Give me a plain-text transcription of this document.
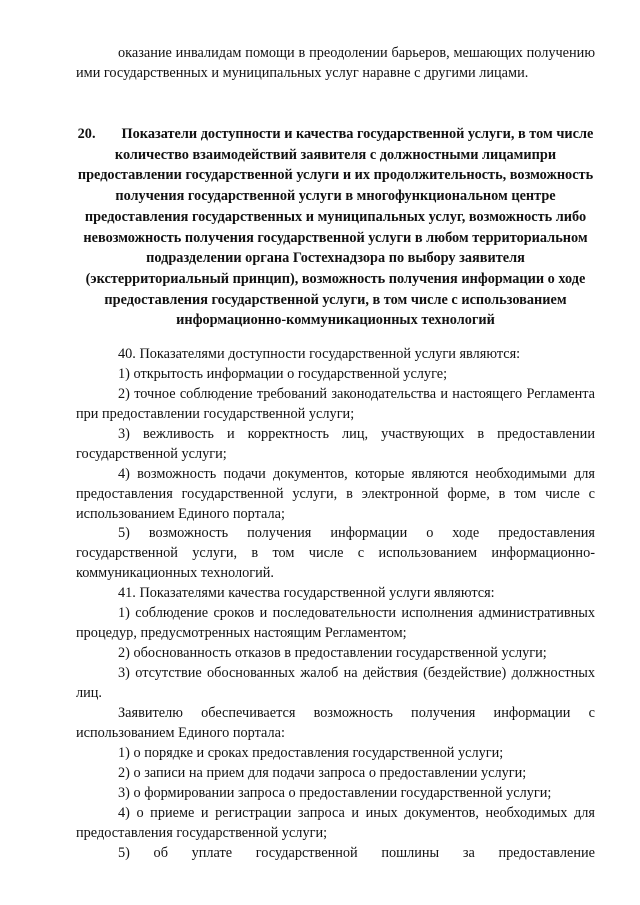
оказание инвалидам помощи в преодолении барьеров, мешающих получению ими государственных и муниципальных услуг наравне с другими лицами.

20. Показатели доступности и качества государственной услуги, в том числе количество взаимодействий заявителя с должностными лицамипри предоставлении государственной услуги и их продолжительность, возможность получения государственной услуги в многофункциональном центре предоставления государственных и муниципальных услуг, возможность либо невозможность получения государственной услуги в любом территориальном подразделении органа Гостехнадзора по выбору заявителя (экстерриториальный принцип), возможность получения информации о ходе предоставления государственной услуги, в том числе с использованием информационно-коммуникационных технологий

40. Показателями доступности государственной услуги являются:

1) открытость информации о государственной услуге;

2) точное соблюдение требований законодательства и настоящего Регламента при предоставлении государственной услуги;

3) вежливость и корректность лиц, участвующих в предоставлении государственной услуги;

4) возможность подачи документов, которые являются необходимыми для предоставления государственной услуги, в электронной форме, в том числе с использованием Единого портала;

5) возможность получения информации о ходе предоставления государственной услуги, в том числе с использованием информационно-коммуникационных технологий.

41. Показателями качества государственной услуги являются:

1) соблюдение сроков и последовательности исполнения административных процедур, предусмотренных настоящим Регламентом;

2) обоснованность отказов в предоставлении государственной услуги;

3) отсутствие обоснованных жалоб на действия (бездействие) должностных лиц.

Заявителю обеспечивается возможность получения информации с использованием Единого портала:

1) о порядке и сроках предоставления государственной услуги;

2) о записи на прием для подачи запроса о предоставлении услуги;

3) о формировании запроса о предоставлении государственной услуги;

4) о приеме и регистрации запроса и иных документов, необходимых для предоставления государственной услуги;

5) об уплате государственной пошлины за предоставление
